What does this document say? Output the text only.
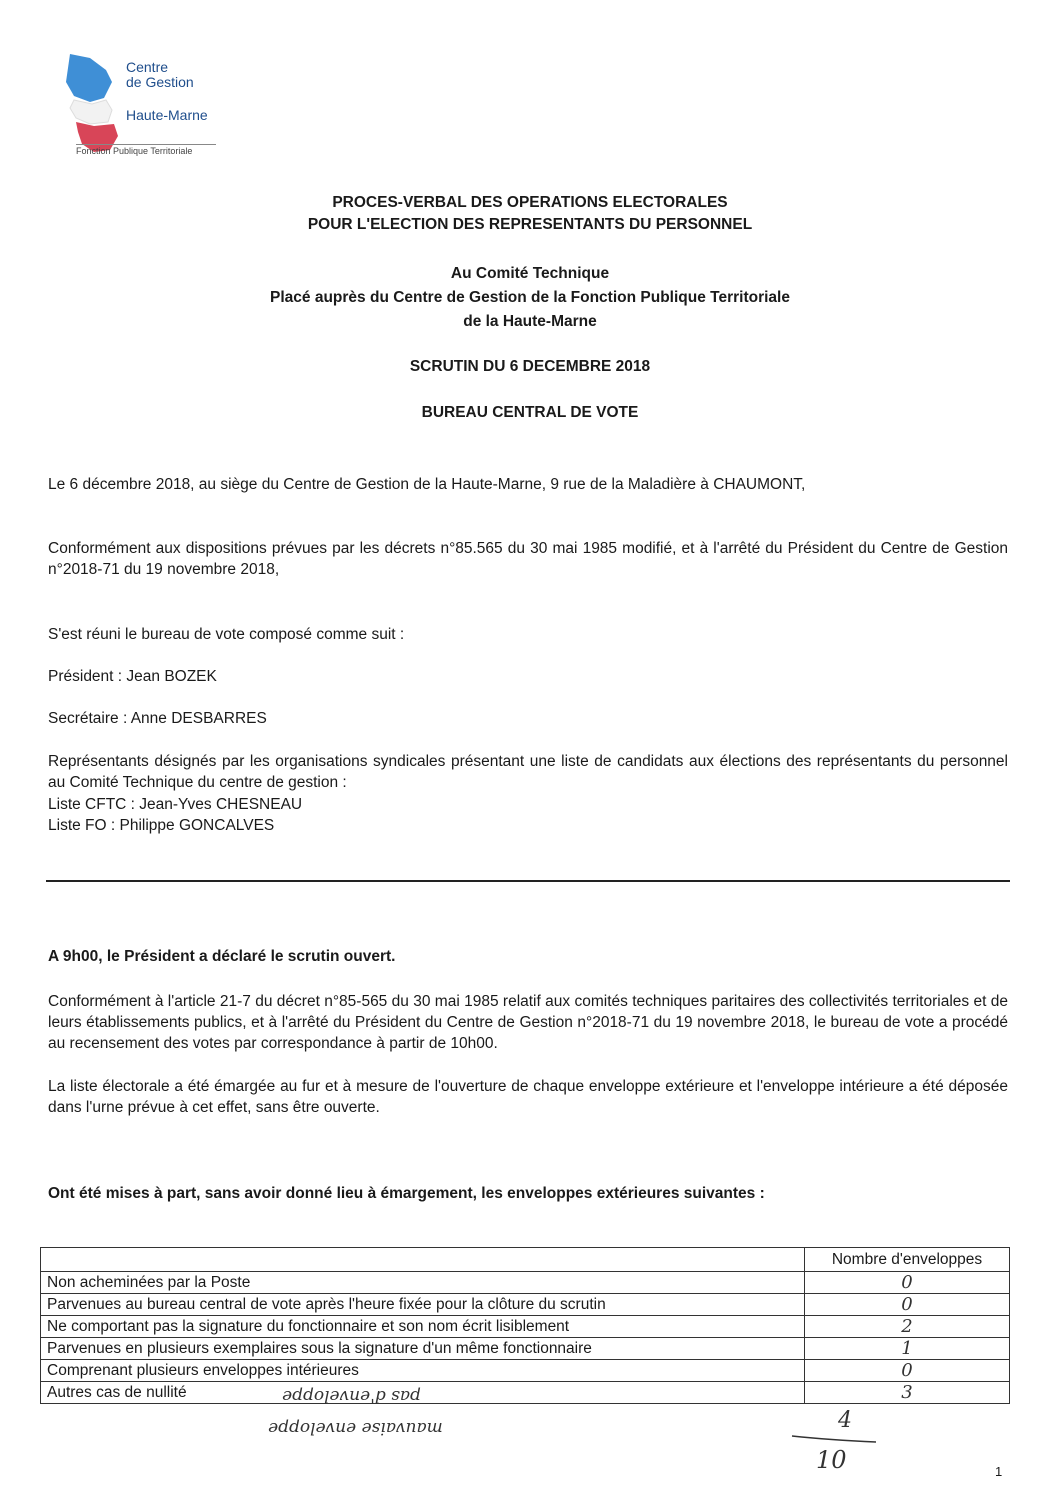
Centre
de Gestion
Haute-Marne
Fonction Publique Territoriale
PROCES-VERBAL DES OPERATIONS ELECTORALES
POUR L'ELECTION DES REPRESENTANTS DU PERSONNEL
Au Comité Technique
Placé auprès du Centre de Gestion de la Fonction Publique Territoriale
de la Haute-Marne
SCRUTIN DU 6 DECEMBRE 2018
BUREAU CENTRAL DE VOTE
Le 6 décembre 2018, au siège du Centre de Gestion de la Haute-Marne, 9 rue de la Maladière à CHAUMONT,
Conformément aux dispositions prévues par les décrets n°85.565 du 30 mai 1985 modifié, et à l'arrêté du Président du Centre de Gestion n°2018-71 du 19 novembre 2018,
S'est réuni le bureau de vote composé comme suit :
Président : Jean BOZEK
Secrétaire : Anne DESBARRES
Représentants désignés par les organisations syndicales présentant une liste de candidats aux élections des représentants du personnel au Comité Technique du centre de gestion :
Liste CFTC : Jean-Yves CHESNEAU
Liste FO : Philippe GONCALVES
A 9h00, le Président a déclaré le scrutin ouvert.
Conformément à l'article 21-7 du décret n°85-565 du 30 mai 1985 relatif aux comités techniques paritaires des collectivités territoriales et de leurs établissements publics, et à l'arrêté du Président du Centre de Gestion n°2018-71 du 19 novembre 2018, le bureau de vote a procédé au recensement des votes par correspondance à partir de 10h00.
La liste électorale a été émargée au fur et à mesure de l'ouverture de chaque enveloppe extérieure et l'enveloppe intérieure a été déposée dans l'urne prévue à cet effet, sans être ouverte.
Ont été mises à part, sans avoir donné lieu à émargement, les enveloppes extérieures suivantes :
	Nombre d'enveloppes
Non acheminées par la Poste	0
Parvenues au bureau central de vote après l'heure fixée pour la clôture du scrutin	0
Ne comportant pas la signature du fonctionnaire et son nom écrit lisiblement	2
Parvenues en plusieurs exemplaires sous la signature d'un même fonctionnaire	1
Comprenant plusieurs enveloppes intérieures	0
Autres cas de nullité	3
pas d'enveloppe
mauvaise enveloppe	4
10	1
